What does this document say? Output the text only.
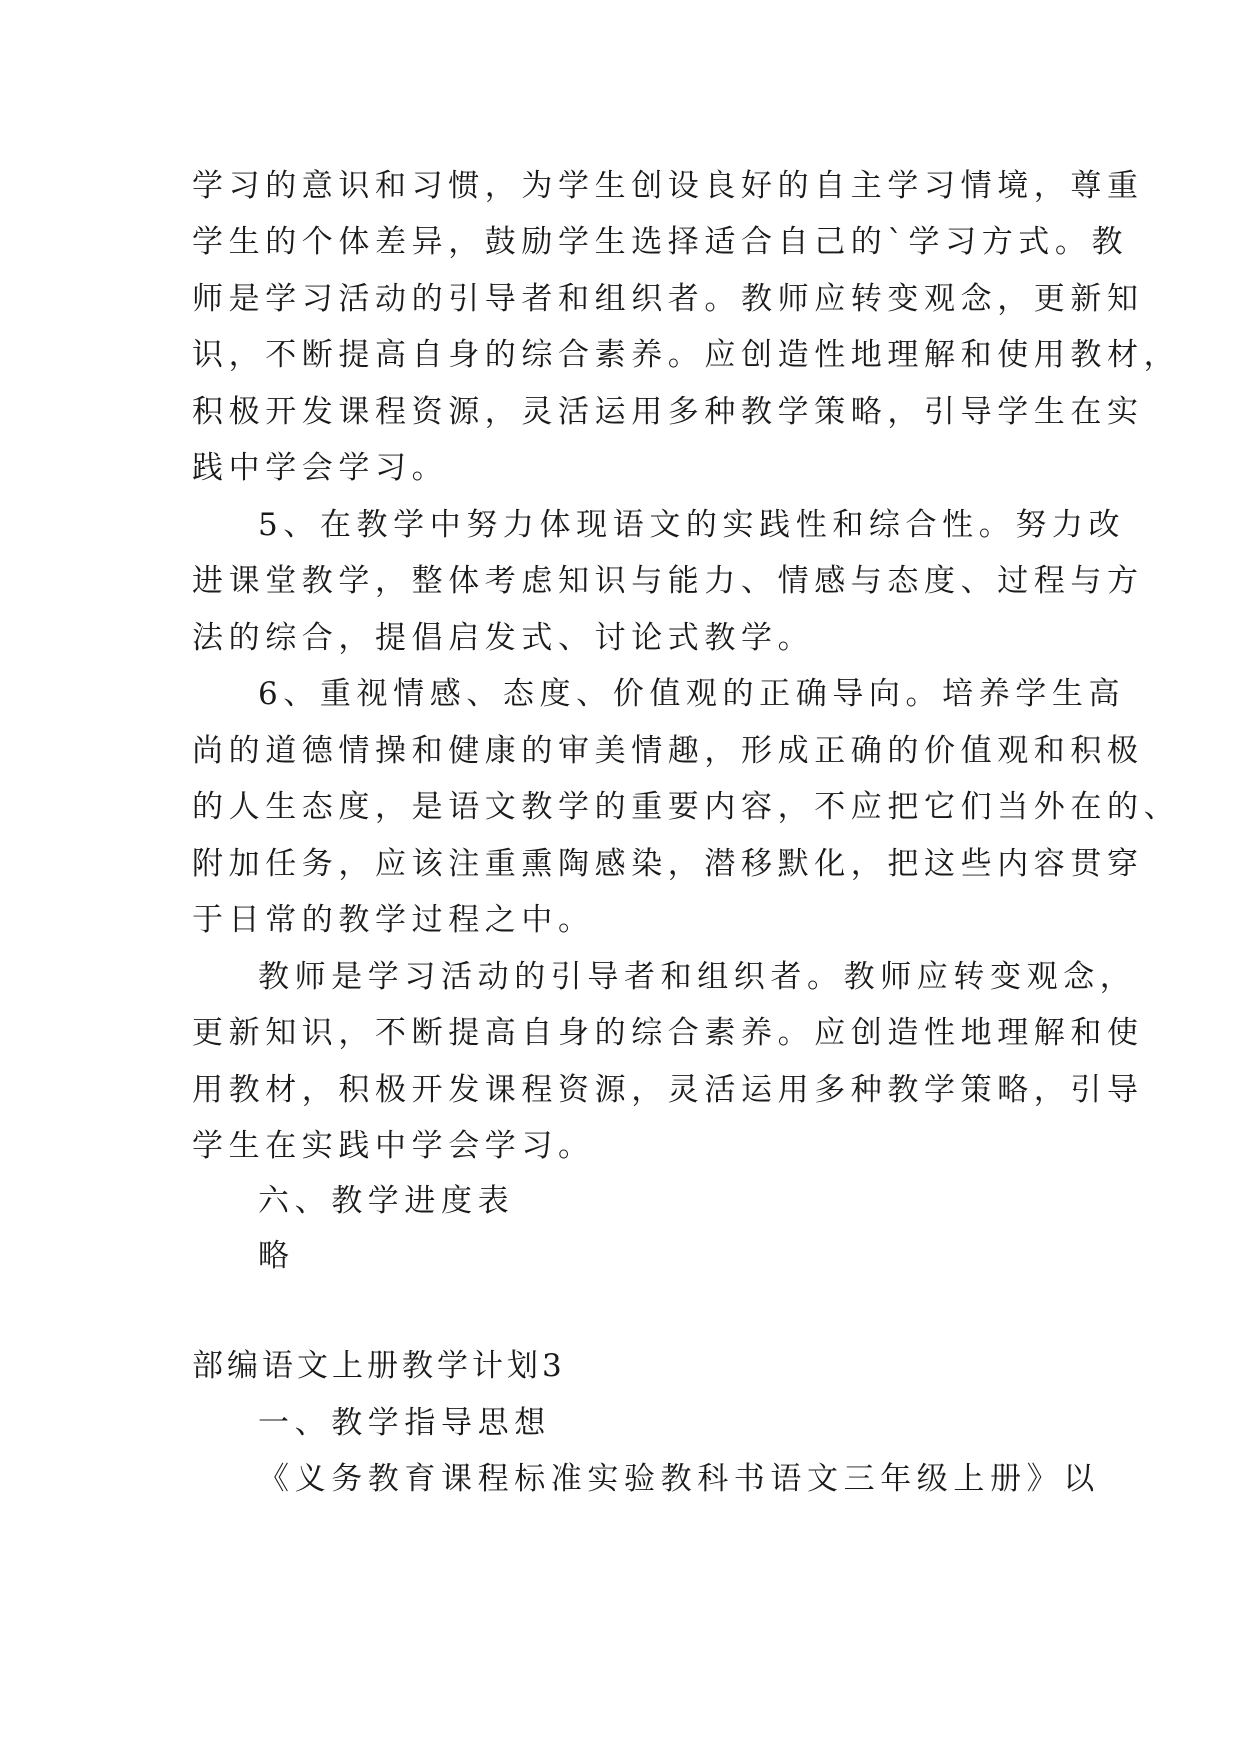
学习的意识和习惯，为学生创设良好的自主学习情境，尊重
学生的个体差异，鼓励学生选择适合自己的`学习方式。教
师是学习活动的引导者和组织者。教师应转变观念，更新知
识，不断提高自身的综合素养。应创造性地理解和使用教材，
积极开发课程资源，灵活运用多种教学策略，引导学生在实
践中学会学习。
5、在教学中努力体现语文的实践性和综合性。努力改
进课堂教学，整体考虑知识与能力、情感与态度、过程与方
法的综合，提倡启发式、讨论式教学。
6、重视情感、态度、价值观的正确导向。培养学生高
尚的道德情操和健康的审美情趣，形成正确的价值观和积极
的人生态度，是语文教学的重要内容，不应把它们当外在的、
附加任务，应该注重熏陶感染，潜移默化，把这些内容贯穿
于日常的教学过程之中。
教师是学习活动的引导者和组织者。教师应转变观念，
更新知识，不断提高自身的综合素养。应创造性地理解和使
用教材，积极开发课程资源，灵活运用多种教学策略，引导
学生在实践中学会学习。
六、教学进度表
略
部编语文上册教学计划3
一、教学指导思想
《义务教育课程标准实验教科书语文三年级上册》以
